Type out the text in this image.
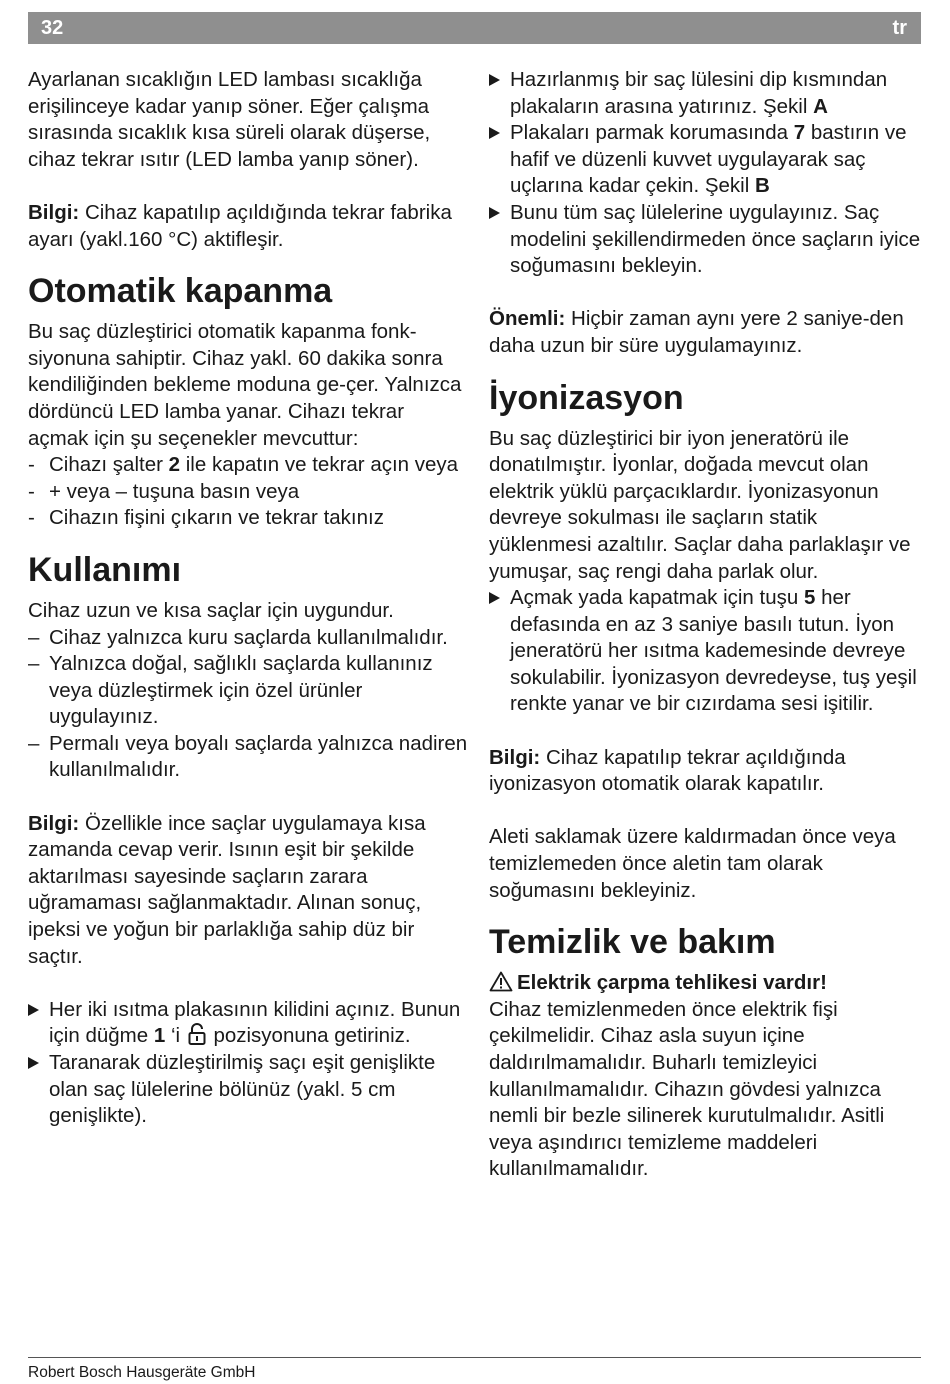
32	tr

Ayarlanan sıcaklığın LED lambası sıcaklığa erişilinceye kadar yanıp söner. Eğer çalışma sırasında sıcaklık kısa süreli olarak düşerse, cihaz tekrar ısıtır (LED lamba yanıp söner).

Bilgi: Cihaz kapatılıp açıldığında tekrar fabrika ayarı (yakl.160 °C) aktifleşir.

Otomatik kapanma

Bu saç düzleştirici otomatik kapanma fonk-siyonuna sahiptir. Cihaz yakl. 60 dakika sonra kendiliğinden bekleme moduna ge-çer. Yalnızca dördüncü LED lamba yanar. Cihazı tekrar açmak için şu seçenekler mevcuttur:

- Cihazı şalter 2 ile kapatın ve tekrar açın veya
- + veya – tuşuna basın veya
- Cihazın fişini çıkarın ve tekrar takınız
Kullanımı

Cihaz uzun ve kısa saçlar için uygundur.

– Cihaz yalnızca kuru saçlarda kullanılmalıdır.
– Yalnızca doğal, sağlıklı saçlarda kullanınız veya düzleştirmek için özel ürünler uygulayınız.
– Permalı veya boyalı saçlarda yalnızca nadiren kullanılmalıdır.

Bilgi: Özellikle ince saçlar uygulamaya kısa zamanda cevap verir. Isının eşit bir şekilde aktarılması sayesinde saçların zarara uğramaması sağlanmaktadır. Alınan sonuç, ipeksi ve yoğun bir parlaklığa sahip düz bir saçtır.

Her iki ısıtma plakasının kilidini açınız. Bunun için düğme 1 ‘i  pozisyonuna getiriniz.
Taranarak düzleştirilmiş saçı eşit genişlikte olan saç lülelerine bölünüz (yakl. 5 cm genişlikte).
Hazırlanmış bir saç lülesini dip kısmından plakaların arasına yatırınız. Şekil A
Plakaları parmak korumasında 7 bastırın ve hafif ve düzenli kuvvet uygulayarak saç uçlarına kadar çekin. Şekil B
Bunu tüm saç lülelerine uygulayınız. Saç modelini şekillendirmeden önce saçların iyice soğumasını bekleyin.

Önemli: Hiçbir zaman aynı yere 2 saniye-den daha uzun bir süre uygulamayınız.

İyonizasyon

Bu saç düzleştirici bir iyon jeneratörü ile donatılmıştır. İyonlar, doğada mevcut olan elektrik yüklü parçacıklardır. İyonizasyonun devreye sokulması ile saçların statik yüklenmesi azaltılır. Saçlar daha parlaklaşır ve yumuşar, saç rengi daha parlak olur.

Açmak yada kapatmak için tuşu 5 her defasında en az 3 saniye basılı tutun. İyon jeneratörü her ısıtma kademesinde devreye sokulabilir. İyonizasyon devredeyse, tuş yeşil renkte yanar ve bir cızırdama sesi işitilir.

Bilgi: Cihaz kapatılıp tekrar açıldığında iyonizasyon otomatik olarak kapatılır.

Aleti saklamak üzere kaldırmadan önce veya temizlemeden önce aletin tam olarak soğumasını bekleyiniz.

Temizlik ve bakım

Elektrik çarpma tehlikesi vardır!

Cihaz temizlenmeden önce elektrik fişi çekilmelidir. Cihaz asla suyun içine daldırılmamalıdır. Buharlı temizleyici kullanılmamalıdır. Cihazın gövdesi yalnızca nemli bir bezle silinerek kurutulmalıdır. Asitli veya aşındırıcı temizleme maddeleri kullanılmamalıdır.

Robert Bosch Hausgeräte GmbH
